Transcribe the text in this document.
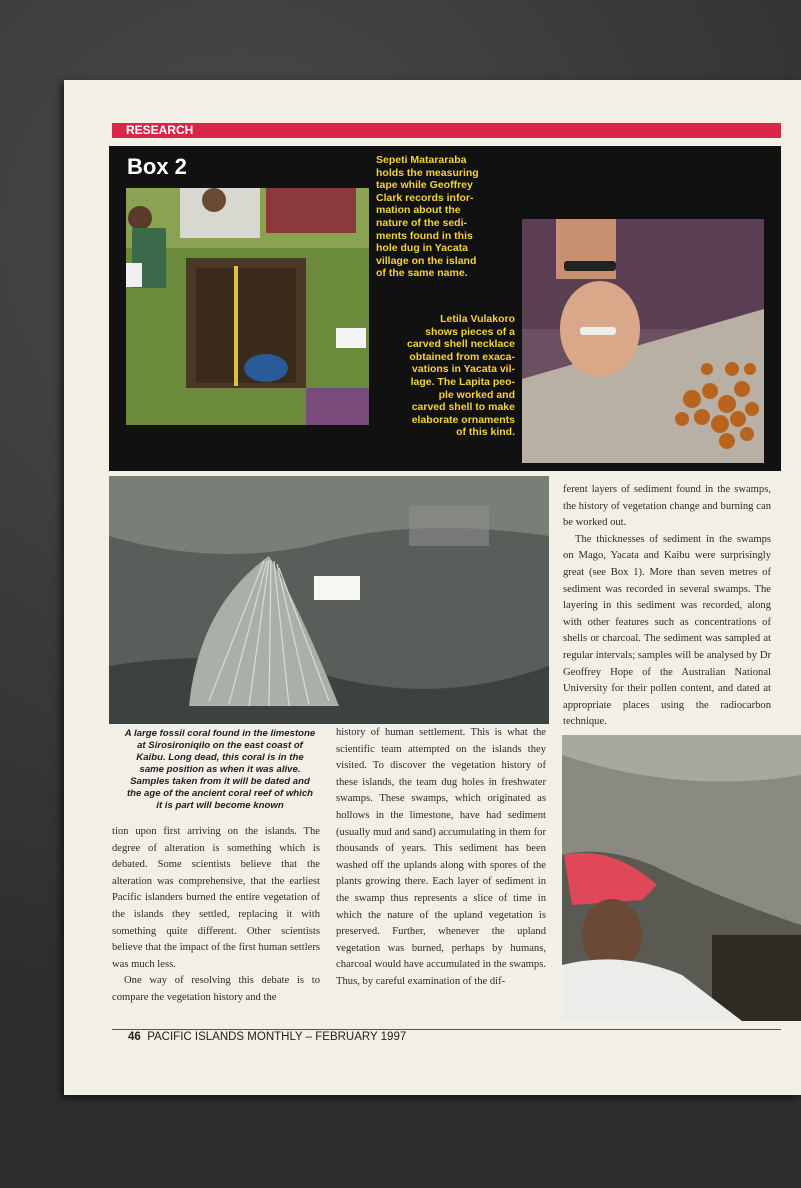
RESEARCH
Box 2	Sepeti Matararaba
holds the measuring
tape while Geoffrey
Clark records infor-
mation about the
nature of the sedi-
ments found in this
hole dug in Yacata
village on the island
of the same name.
Letila Vulakoro
shows pieces of a
carved shell necklace
obtained from exaca-
vations in Yacata vil-
lage. The Lapita peo-
ple worked and
carved shell to make
elaborate ornaments
of this kind.
A large fossil coral found in the limestone
at Sirosironiqilo on the east coast of
Kaibu. Long dead, this coral is in the
same position as when it was alive.
Samples taken from it will be dated and
the age of the ancient coral reef of which
it is part will become known

tion upon first arriving on the islands. The degree of alteration is something which is debated. Some scientists believe that the alteration was comprehensive, that the earliest Pacific islanders burned the entire vegetation of the islands they settled, replacing it with something quite different. Other scientists believe that the impact of the first human settlers was much less.

One way of resolving this debate is to compare the vegetation history and the

history of human settlement. This is what the scientific team attempted on the islands they visited. To discover the vegetation history of these islands, the team dug holes in freshwater swamps. These swamps, which originated as hollows in the limestone, have had sediment (usually mud and sand) accumulating in them for thousands of years. This sediment has been washed off the uplands along with spores of the plants growing there. Each layer of sediment in the swamp thus represents a slice of time in which the nature of the upland vegetation is preserved. Further, whenever the upland vegetation was burned, perhaps by humans, charcoal would have accumulated in the swamps. Thus, by careful examination of the dif-

ferent layers of sediment found in the swamps, the history of vegetation change and burning can be worked out.

The thicknesses of sediment in the swamps on Mago, Yacata and Kaibu were surprisingly great (see Box 1). More than seven metres of sediment was recorded in several swamps. The layering in this sediment was recorded, along with other features such as concentrations of shells or charcoal. The sediment was sampled at regular intervals; samples will be analysed by Dr Geoffrey Hope of the Australian National University for their pollen content, and dated at appropriate places using the radiocarbon technique.

46 PACIFIC ISLANDS MONTHLY – FEBRUARY 1997
